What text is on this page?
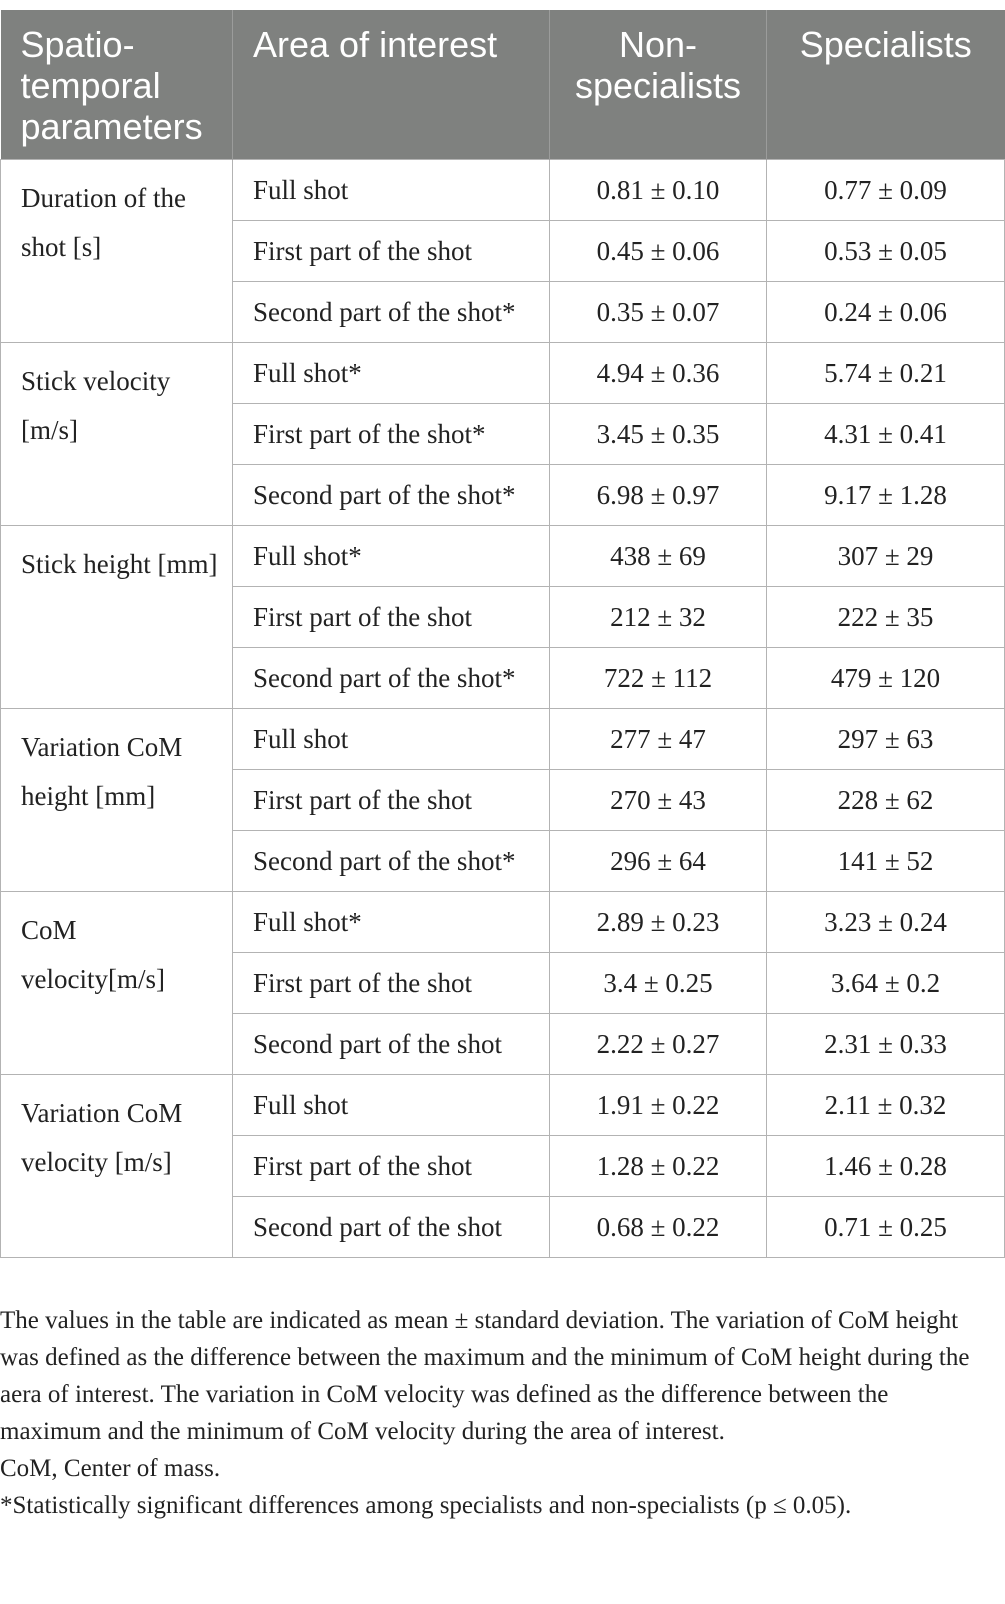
Spatio-temporal parameters	Area of interest	Non-specialists	Specialists
Duration of the shot [s]	Full shot	0.81 ± 0.10	0.77 ± 0.09
	First part of the shot	0.45 ± 0.06	0.53 ± 0.05
	Second part of the shot*	0.35 ± 0.07	0.24 ± 0.06
Stick velocity [m/s]	Full shot*	4.94 ± 0.36	5.74 ± 0.21
	First part of the shot*	3.45 ± 0.35	4.31 ± 0.41
	Second part of the shot*	6.98 ± 0.97	9.17 ± 1.28
Stick height [mm]	Full shot*	438 ± 69	307 ± 29
	First part of the shot	212 ± 32	222 ± 35
	Second part of the shot*	722 ± 112	479 ± 120
Variation CoM height [mm]	Full shot	277 ± 47	297 ± 63
	First part of the shot	270 ± 43	228 ± 62
	Second part of the shot*	296 ± 64	141 ± 52
CoM velocity[m/s]	Full shot*	2.89 ± 0.23	3.23 ± 0.24
	First part of the shot	3.4 ± 0.25	3.64 ± 0.2
	Second part of the shot	2.22 ± 0.27	2.31 ± 0.33
Variation CoM velocity [m/s]	Full shot	1.91 ± 0.22	2.11 ± 0.32
	First part of the shot	1.28 ± 0.22	1.46 ± 0.28
	Second part of the shot	0.68 ± 0.22	0.71 ± 0.25

The values in the table are indicated as mean ± standard deviation. The variation of CoM height was defined as the difference between the maximum and the minimum of CoM height during the aera of interest. The variation in CoM velocity was defined as the difference between the maximum and the minimum of CoM velocity during the area of interest.

CoM, Center of mass.

*Statistically significant differences among specialists and non-specialists (p ≤ 0.05).
